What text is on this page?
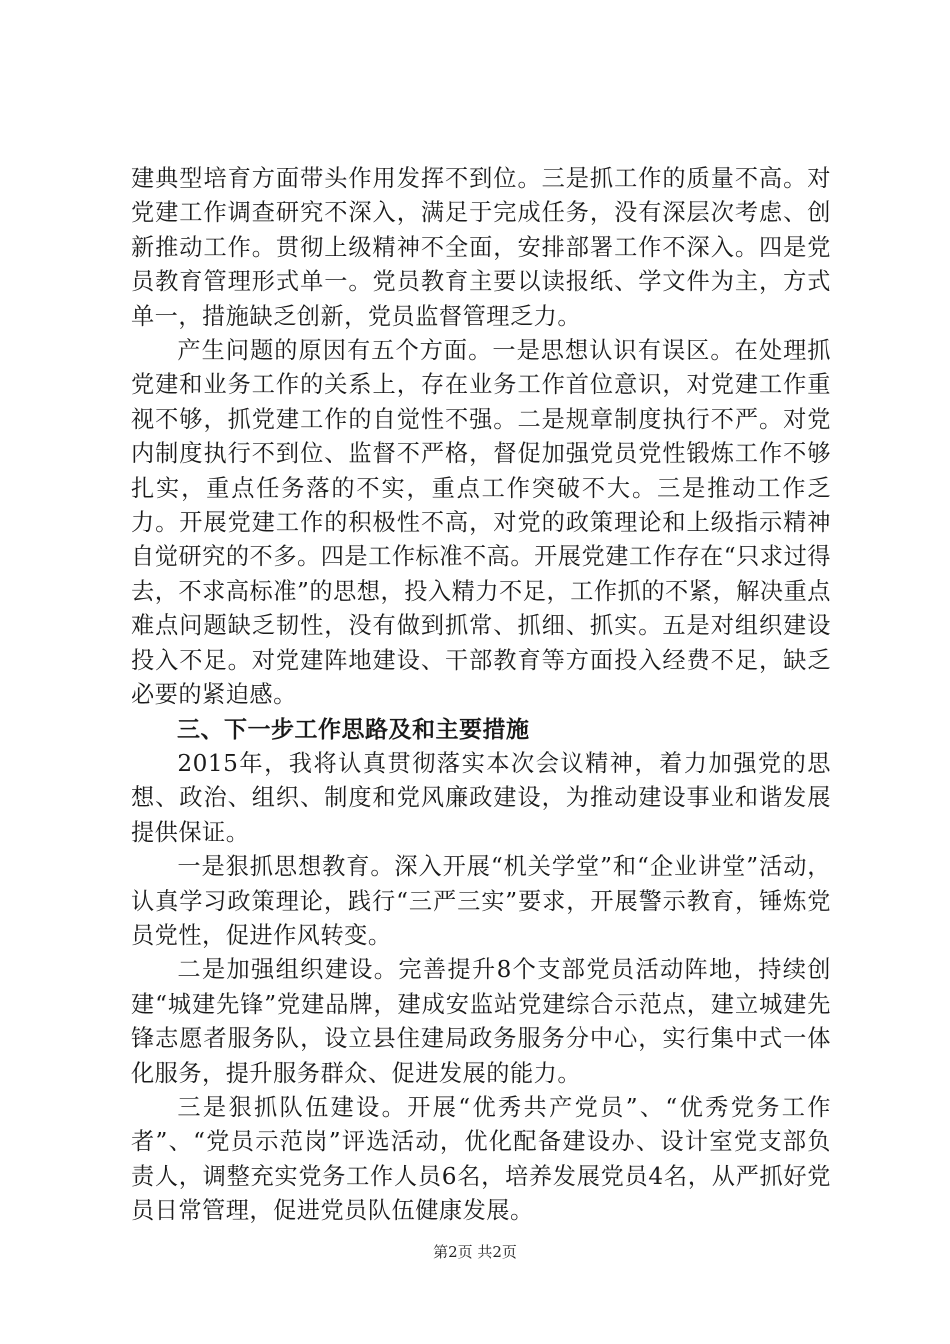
建典型培育方面带头作用发挥不到位。三是抓工作的质量不高。对党建工作调查研究不深入，满足于完成任务，没有深层次考虑、创新推动工作。贯彻上级精神不全面，安排部署工作不深入。四是党员教育管理形式单一。党员教育主要以读报纸、学文件为主，方式单一，措施缺乏创新，党员监督管理乏力。

产生问题的原因有五个方面。一是思想认识有误区。在处理抓党建和业务工作的关系上，存在业务工作首位意识，对党建工作重视不够，抓党建工作的自觉性不强。二是规章制度执行不严。对党内制度执行不到位、监督不严格，督促加强党员党性锻炼工作不够扎实，重点任务落的不实，重点工作突破不大。三是推动工作乏力。开展党建工作的积极性不高，对党的政策理论和上级指示精神自觉研究的不多。四是工作标准不高。开展党建工作存在“只求过得去，不求高标准”的思想，投入精力不足，工作抓的不紧，解决重点难点问题缺乏韧性，没有做到抓常、抓细、抓实。五是对组织建设投入不足。对党建阵地建设、干部教育等方面投入经费不足，缺乏必要的紧迫感。

三、下一步工作思路及和主要措施

2015年，我将认真贯彻落实本次会议精神，着力加强党的思想、政治、组织、制度和党风廉政建设，为推动建设事业和谐发展提供保证。

一是狠抓思想教育。深入开展“机关学堂”和“企业讲堂”活动，认真学习政策理论，践行“三严三实”要求，开展警示教育，锤炼党员党性，促进作风转变。

二是加强组织建设。完善提升8个支部党员活动阵地，持续创建“城建先锋”党建品牌，建成安监站党建综合示范点，建立城建先锋志愿者服务队，设立县住建局政务服务分中心，实行集中式一体化服务，提升服务群众、促进发展的能力。

三是狠抓队伍建设。开展“优秀共产党员”、“优秀党务工作者”、“党员示范岗”评选活动，优化配备建设办、设计室党支部负责人，调整充实党务工作人员6名，培养发展党员4名，从严抓好党员日常管理，促进党员队伍健康发展。

第2页 共2页
